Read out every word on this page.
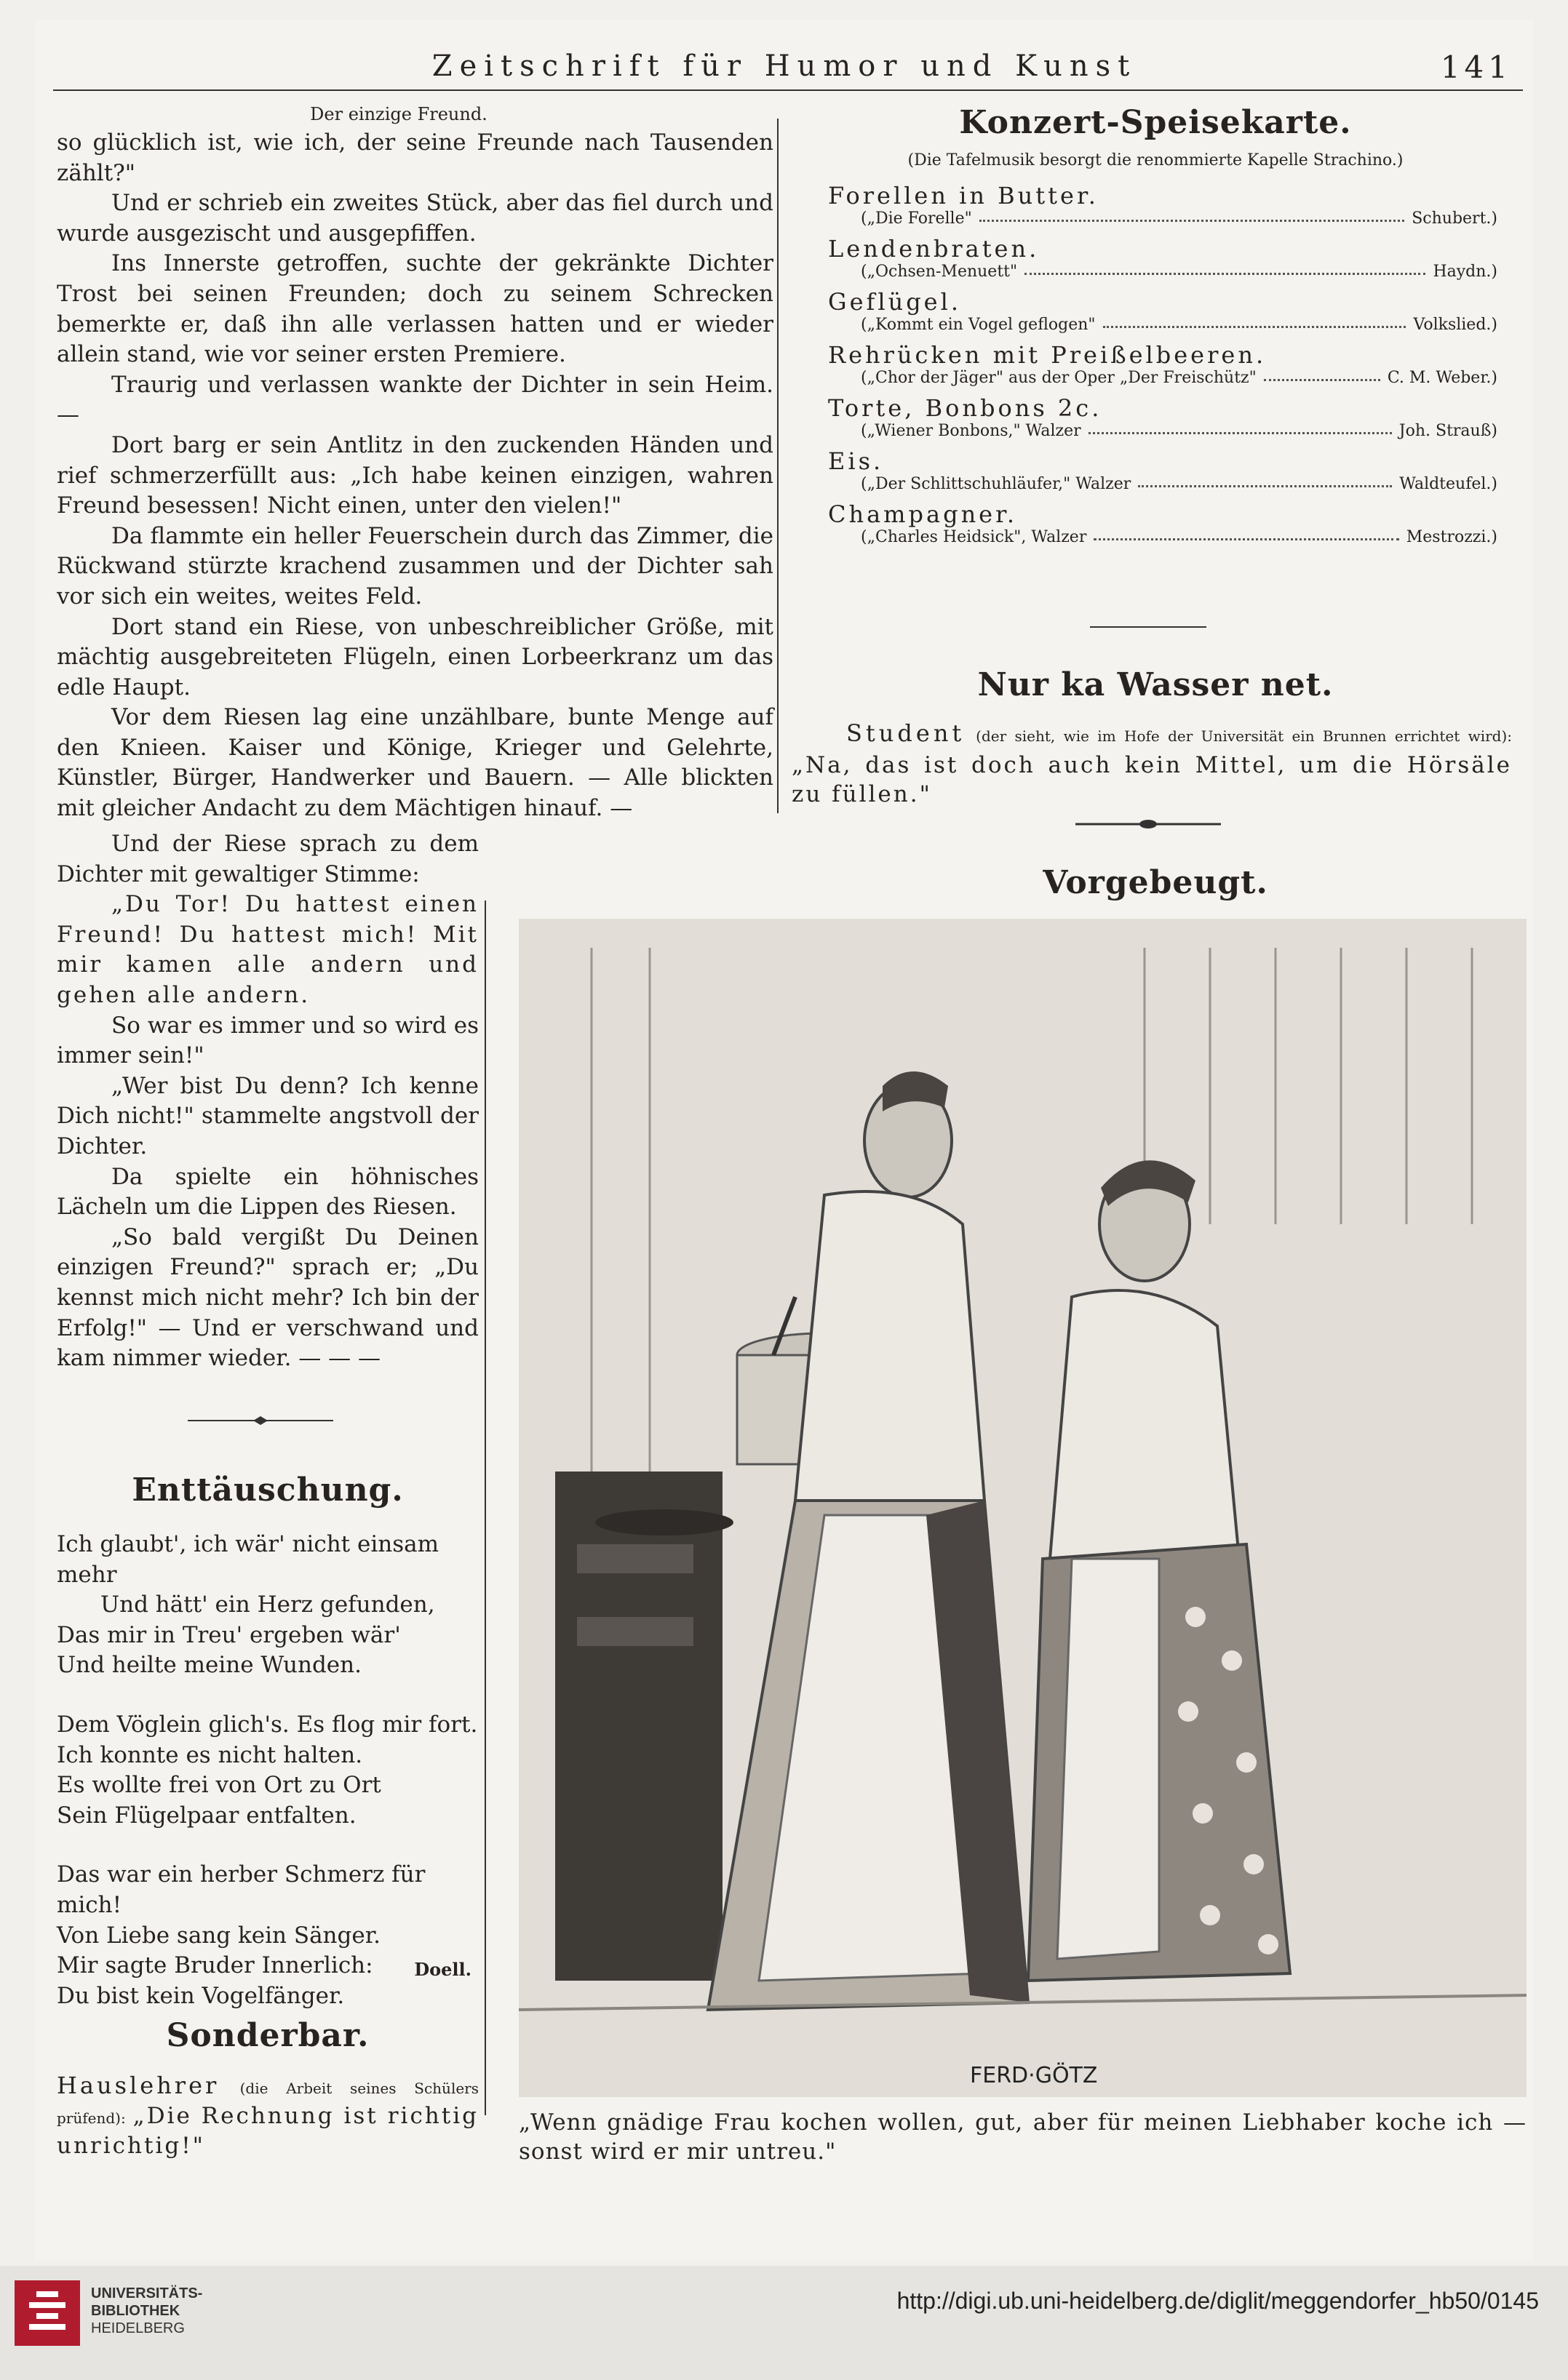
Zeitschrift für Humor und Kunst	141
Der einzige Freund.

so glücklich ist, wie ich, der seine Freunde nach Tausenden zählt?"

Und er schrieb ein zweites Stück, aber das fiel durch und wurde ausgezischt und ausgepfiffen.

Ins Innerste getroffen, suchte der gekränkte Dichter Trost bei seinen Freunden; doch zu seinem Schrecken bemerkte er, daß ihn alle verlassen hatten und er wieder allein stand, wie vor seiner ersten Premiere.

Traurig und verlassen wankte der Dichter in sein Heim. —

Dort barg er sein Antlitz in den zuckenden Händen und rief schmerzerfüllt aus: „Ich habe keinen einzigen, wahren Freund besessen! Nicht einen, unter den vielen!"

Da flammte ein heller Feuerschein durch das Zimmer, die Rückwand stürzte krachend zusammen und der Dichter sah vor sich ein weites, weites Feld.

Dort stand ein Riese, von unbeschreiblicher Größe, mit mächtig ausgebreiteten Flügeln, einen Lorbeerkranz um das edle Haupt.

Vor dem Riesen lag eine unzählbare, bunte Menge auf den Knieen. Kaiser und Könige, Krieger und Gelehrte, Künstler, Bürger, Handwerker und Bauern. — Alle blickten mit gleicher Andacht zu dem Mächtigen hinauf. —

Und der Riese sprach zu dem Dichter mit gewaltiger Stimme:

„Du Tor! Du hattest einen Freund! Du hattest mich! Mit mir kamen alle andern und gehen alle andern.

So war es immer und so wird es immer sein!"

„Wer bist Du denn? Ich kenne Dich nicht!" stammelte angstvoll der Dichter.

Da spielte ein höhnisches Lächeln um die Lippen des Riesen.

„So bald vergißt Du Deinen einzigen Freund?" sprach er; „Du kennst mich nicht mehr? Ich bin der Erfolg!" — Und er verschwand und kam nimmer wieder. — — —

Enttäuschung.

Ich glaubt', ich wär' nicht einsam mehr

Und hätt' ein Herz gefunden,

Das mir in Treu' ergeben wär'

Und heilte meine Wunden.

Dem Vöglein glich's. Es flog mir fort.

Ich konnte es nicht halten.

Es wollte frei von Ort zu Ort

Sein Flügelpaar entfalten.

Das war ein herber Schmerz für mich!

Von Liebe sang kein Sänger.

Mir sagte Bruder Innerlich:

Du bist kein Vogelfänger.

Doell.
Sonderbar.
Hauslehrer (die Arbeit seines Schülers prüfend): „Die Rechnung ist richtig unrichtig!"
Konzert-Speisekarte.
(Die Tafelmusik besorgt die renommierte Kapelle Strachino.)
Forellen in Butter.
(„Die Forelle"	Schubert.)
Lendenbraten.
(„Ochsen-Menuett"	Haydn.)
Geflügel.
(„Kommt ein Vogel geflogen"	Volkslied.)
Rehrücken mit Preißelbeeren.
(„Chor der Jäger" aus der Oper „Der Freischütz"	C. M. Weber.)
Torte, Bonbons 2c.
(„Wiener Bonbons," Walzer	Joh. Strauß)
Eis.
(„Der Schlittschuhläufer," Walzer	Waldteufel.)
Champagner.
(„Charles Heidsick", Walzer	Mestrozzi.)
Nur ka Wasser net.
Student (der sieht, wie im Hofe der Universität ein Brunnen errichtet wird): „Na, das ist doch auch kein Mittel, um die Hörsäle zu füllen."
Vorgebeugt.
FERD·GÖTZ
„Wenn gnädige Frau kochen wollen, gut, aber für meinen Liebhaber koche ich — sonst wird er mir untreu."
UNIVERSITÄTS-
BIBLIOTHEK
HEIDELBERG
http://digi.ub.uni-heidelberg.de/diglit/meggendorfer_hb50/0145
